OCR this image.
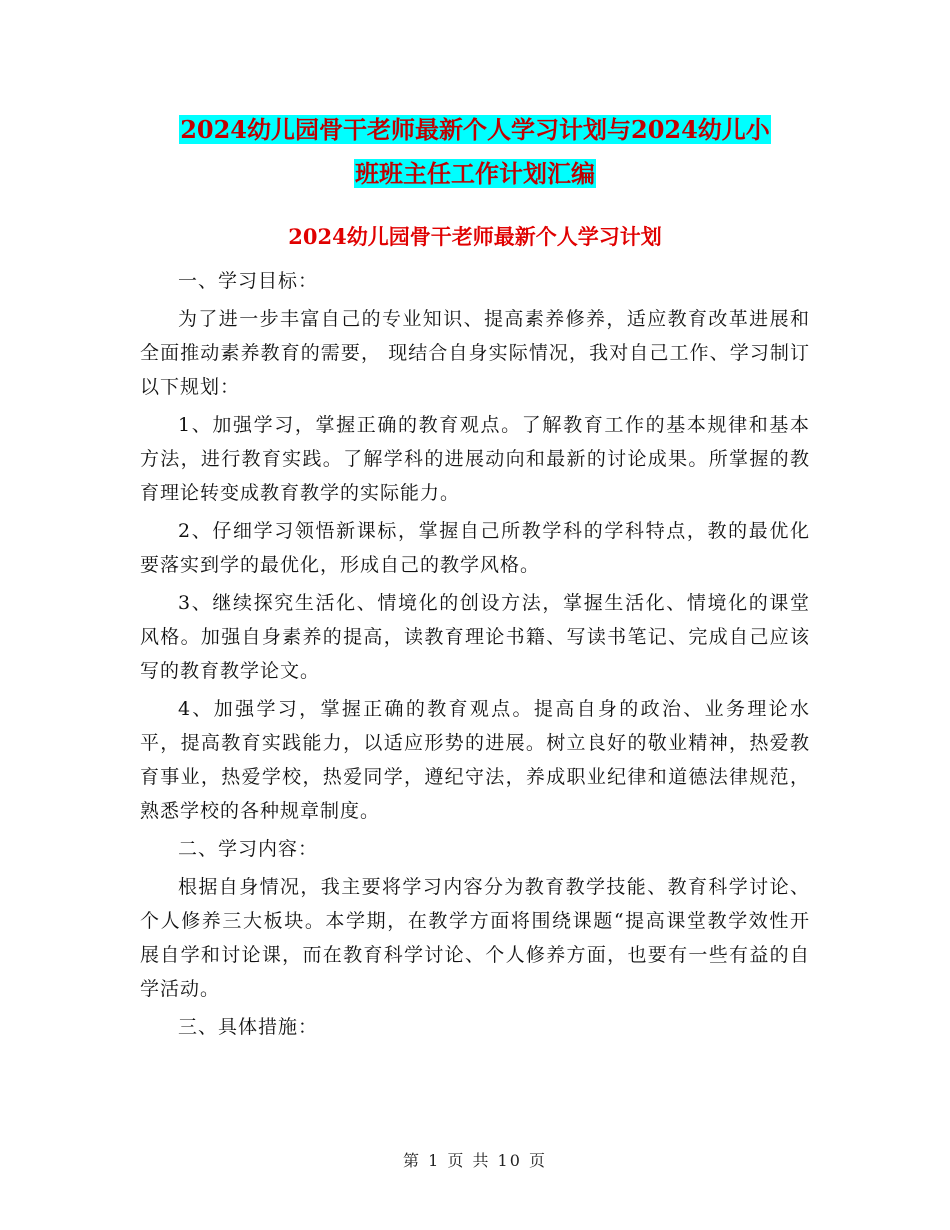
2024幼儿园骨干老师最新个人学习计划与2024幼儿小
班班主任工作计划汇编
2024幼儿园骨干老师最新个人学习计划

一、学习目标：

为了进一步丰富自己的专业知识、提高素养修养，适应教育改革进展和全面推动素养教育的需要， 现结合自身实际情况，我对自己工作、学习制订以下规划：

1、加强学习，掌握正确的教育观点。了解教育工作的基本规律和基本方法，进行教育实践。了解学科的进展动向和最新的讨论成果。所掌握的教育理论转变成教育教学的实际能力。

2、仔细学习领悟新课标，掌握自己所教学科的学科特点，教的最优化要落实到学的最优化，形成自己的教学风格。

3、继续探究生活化、情境化的创设方法，掌握生活化、情境化的课堂风格。加强自身素养的提高，读教育理论书籍、写读书笔记、完成自己应该写的教育教学论文。

4、加强学习，掌握正确的教育观点。提高自身的政治、业务理论水平，提高教育实践能力，以适应形势的进展。树立良好的敬业精神，热爱教育事业，热爱学校，热爱同学，遵纪守法，养成职业纪律和道德法律规范，熟悉学校的各种规章制度。

二、学习内容：

根据自身情况，我主要将学习内容分为教育教学技能、教育科学讨论、个人修养三大板块。本学期，在教学方面将围绕课题“提高课堂教学效性开展自学和讨论课，而在教育科学讨论、个人修养方面，也要有一些有益的自学活动。

三、具体措施：

第 1 页 共 10 页
